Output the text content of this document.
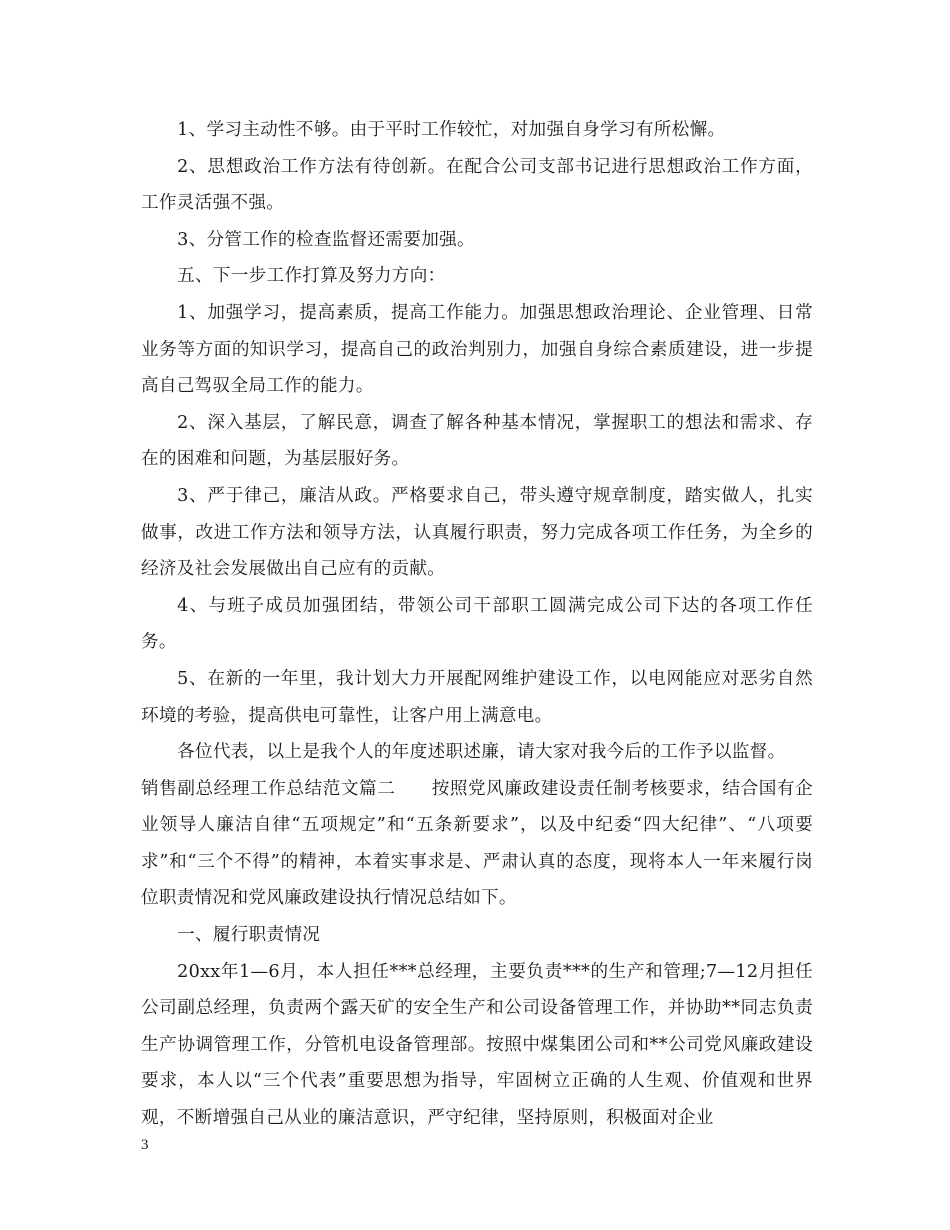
1、学习主动性不够。由于平时工作较忙，对加强自身学习有所松懈。

2、思想政治工作方法有待创新。在配合公司支部书记进行思想政治工作方面，工作灵活强不强。

3、分管工作的检查监督还需要加强。

五、下一步工作打算及努力方向：

1、加强学习，提高素质，提高工作能力。加强思想政治理论、企业管理、日常业务等方面的知识学习，提高自己的政治判别力，加强自身综合素质建设，进一步提高自己驾驭全局工作的能力。

2、深入基层，了解民意，调查了解各种基本情况，掌握职工的想法和需求、存在的困难和问题，为基层服好务。

3、严于律己，廉洁从政。严格要求自己，带头遵守规章制度，踏实做人，扎实做事，改进工作方法和领导方法，认真履行职责，努力完成各项工作任务，为全乡的经济及社会发展做出自己应有的贡献。

4、与班子成员加强团结，带领公司干部职工圆满完成公司下达的各项工作任务。

5、在新的一年里，我计划大力开展配网维护建设工作，以电网能应对恶劣自然环境的考验，提高供电可靠性，让客户用上满意电。

各位代表，以上是我个人的年度述职述廉，请大家对我今后的工作予以监督。

销售副总经理工作总结范文篇二　　按照党风廉政建设责任制考核要求，结合国有企业领导人廉洁自律“五项规定”和“五条新要求”，以及中纪委“四大纪律”、“八项要求”和“三个不得”的精神，本着实事求是、严肃认真的态度，现将本人一年来履行岗位职责情况和党风廉政建设执行情况总结如下。

一、履行职责情况

20xx年1—6月，本人担任***总经理，主要负责***的生产和管理;7—12月担任公司副总经理，负责两个露天矿的安全生产和公司设备管理工作，并协助**同志负责生产协调管理工作，分管机电设备管理部。按照中煤集团公司和**公司党风廉政建设要求，本人以“三个代表”重要思想为指导，牢固树立正确的人生观、价值观和世界观，不断增强自己从业的廉洁意识，严守纪律，坚持原则，积极面对企业

3
